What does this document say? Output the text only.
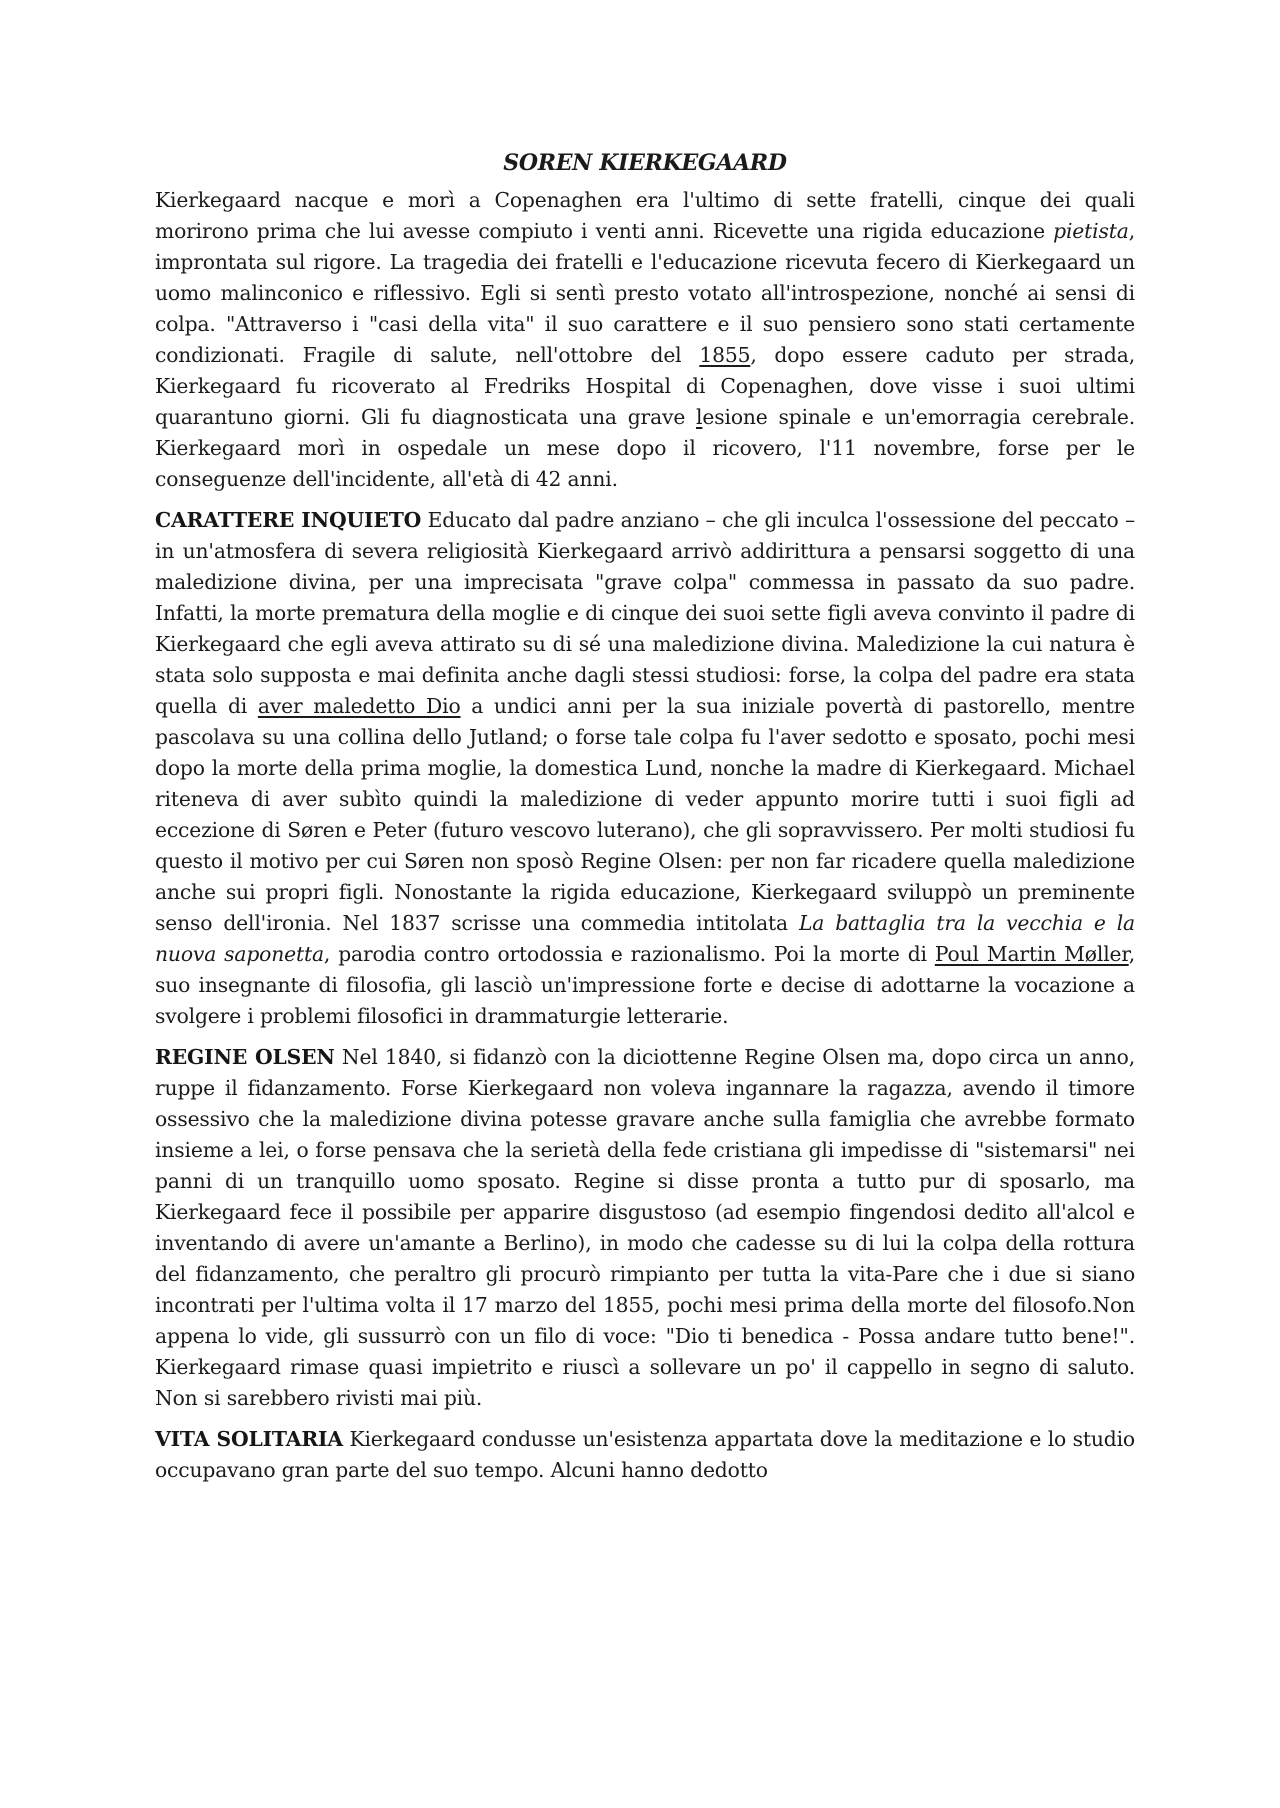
SOREN KIERKEGAARD

Kierkegaard nacque e morì a Copenaghen era l'ultimo di sette fratelli, cinque dei quali morirono prima che lui avesse compiuto i venti anni. Ricevette una rigida educazione pietista, improntata sul rigore. La tragedia dei fratelli e l'educazione ricevuta fecero di Kierkegaard un uomo malinconico e riflessivo. Egli si sentì presto votato all'introspezione, nonché ai sensi di colpa. "Attraverso i "casi della vita" il suo carattere e il suo pensiero sono stati certamente condizionati. Fragile di salute, nell'ottobre del 1855, dopo essere caduto per strada, Kierkegaard fu ricoverato al Fredriks Hospital di Copenaghen, dove visse i suoi ultimi quarantuno giorni. Gli fu diagnosticata una grave lesione spinale e un'emorragia cerebrale. Kierkegaard morì in ospedale un mese dopo il ricovero, l'11 novembre, forse per le conseguenze dell'incidente, all'età di 42 anni.

CARATTERE INQUIETO Educato dal padre anziano – che gli inculca l'ossessione del peccato – in un'atmosfera di severa religiosità Kierkegaard arrivò addirittura a pensarsi soggetto di una maledizione divina, per una imprecisata "grave colpa" commessa in passato da suo padre. Infatti, la morte prematura della moglie e di cinque dei suoi sette figli aveva convinto il padre di Kierkegaard che egli aveva attirato su di sé una maledizione divina. Maledizione la cui natura è stata solo supposta e mai definita anche dagli stessi studiosi: forse, la colpa del padre era stata quella di aver maledetto Dio a undici anni per la sua iniziale povertà di pastorello, mentre pascolava su una collina dello Jutland; o forse tale colpa fu l'aver sedotto e sposato, pochi mesi dopo la morte della prima moglie, la domestica Lund, nonche la madre di Kierkegaard. Michael riteneva di aver subìto quindi la maledizione di veder appunto morire tutti i suoi figli ad eccezione di Søren e Peter (futuro vescovo luterano), che gli sopravvissero. Per molti studiosi fu questo il motivo per cui Søren non sposò Regine Olsen: per non far ricadere quella maledizione anche sui propri figli. Nonostante la rigida educazione, Kierkegaard sviluppò un preminente senso dell'ironia. Nel 1837 scrisse una commedia intitolata La battaglia tra la vecchia e la nuova saponetta, parodia contro ortodossia e razionalismo. Poi la morte di Poul Martin Møller, suo insegnante di filosofia, gli lasciò un'impressione forte e decise di adottarne la vocazione a svolgere i problemi filosofici in drammaturgie letterarie.

REGINE OLSEN Nel 1840, si fidanzò con la diciottenne Regine Olsen ma, dopo circa un anno, ruppe il fidanzamento. Forse Kierkegaard non voleva ingannare la ragazza, avendo il timore ossessivo che la maledizione divina potesse gravare anche sulla famiglia che avrebbe formato insieme a lei, o forse pensava che la serietà della fede cristiana gli impedisse di "sistemarsi" nei panni di un tranquillo uomo sposato. Regine si disse pronta a tutto pur di sposarlo, ma Kierkegaard fece il possibile per apparire disgustoso (ad esempio fingendosi dedito all'alcol e inventando di avere un'amante a Berlino), in modo che cadesse su di lui la colpa della rottura del fidanzamento, che peraltro gli procurò rimpianto per tutta la vita-Pare che i due si siano incontrati per l'ultima volta il 17 marzo del 1855, pochi mesi prima della morte del filosofo.Non appena lo vide, gli sussurrò con un filo di voce: "Dio ti benedica - Possa andare tutto bene!". Kierkegaard rimase quasi impietrito e riuscì a sollevare un po' il cappello in segno di saluto. Non si sarebbero rivisti mai più.

VITA SOLITARIA Kierkegaard condusse un'esistenza appartata dove la meditazione e lo studio occupavano gran parte del suo tempo. Alcuni hanno dedotto
